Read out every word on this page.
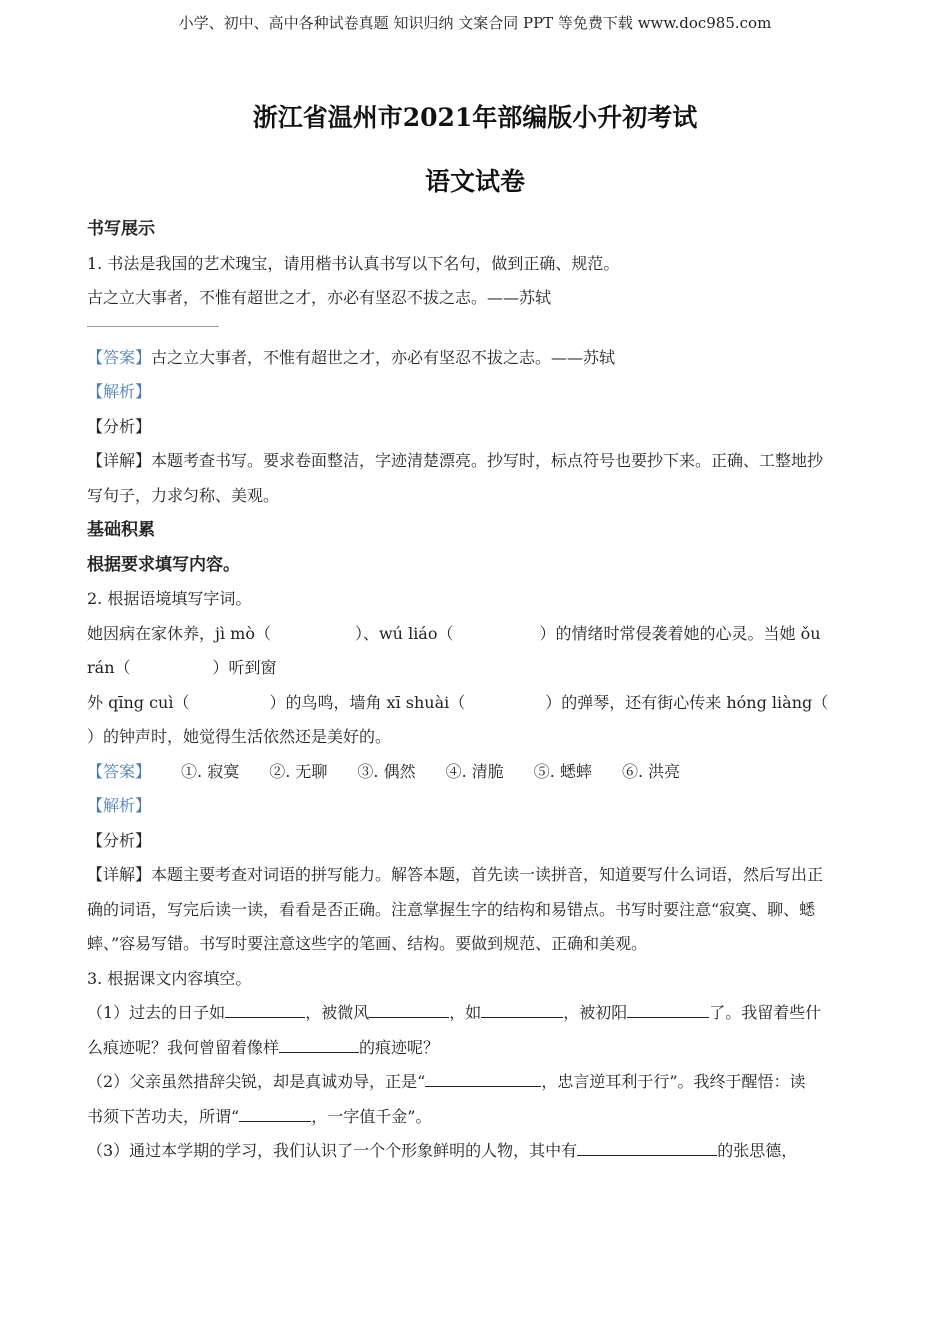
小学、初中、高中各种试卷真题 知识归纳 文案合同 PPT 等免费下载 www.doc985.com
浙江省温州市2021年部编版小升初考试
语文试卷
书写展示
1. 书法是我国的艺术瑰宝，请用楷书认真书写以下名句，做到正确、规范。
古之立大事者，不惟有超世之才，亦必有坚忍不拔之志。——苏轼
【答案】古之立大事者，不惟有超世之才，亦必有坚忍不拔之志。——苏轼
【解析】
【分析】
【详解】本题考查书写。要求卷面整洁，字迹清楚漂亮。抄写时，标点符号也要抄下来。正确、工整地抄
写句子，力求匀称、美观。
基础积累
根据要求填写内容。
2. 根据语境填写字词。
她因病在家休养，jì mò（	）、wú liáo（	）的情绪时常侵袭着她的心灵。当她 ǒu
rán（	）听到窗
外 qīng cuì（	）的鸟鸣，墙角 xī shuài（	）的弹琴，还有街心传来 hóng liàng（
）的钟声时，她觉得生活依然还是美好的。
【答案】 ①. 寂寞 ②. 无聊 ③. 偶然 ④. 清脆 ⑤. 蟋蟀 ⑥. 洪亮
【解析】
【分析】
【详解】本题主要考查对词语的拼写能力。解答本题，首先读一读拼音，知道要写什么词语，然后写出正
确的词语，写完后读一读，看看是否正确。注意掌握生字的结构和易错点。书写时要注意“寂寞、聊、蟋
蟀、”容易写错。书写时要注意这些字的笔画、结构。要做到规范、正确和美观。
3. 根据课文内容填空。
（1）过去的日子如	，被微风	，如	，被初阳	了。我留着些什
么痕迹呢？我何曾留着像样	的痕迹呢？
（2）父亲虽然措辞尖锐，却是真诚劝导，正是“	，忠言逆耳利于行”。我终于醒悟：读
书须下苦功夫，所谓“	，一字值千金”。
（3）通过本学期的学习，我们认识了一个个形象鲜明的人物，其中有	的张思德，
